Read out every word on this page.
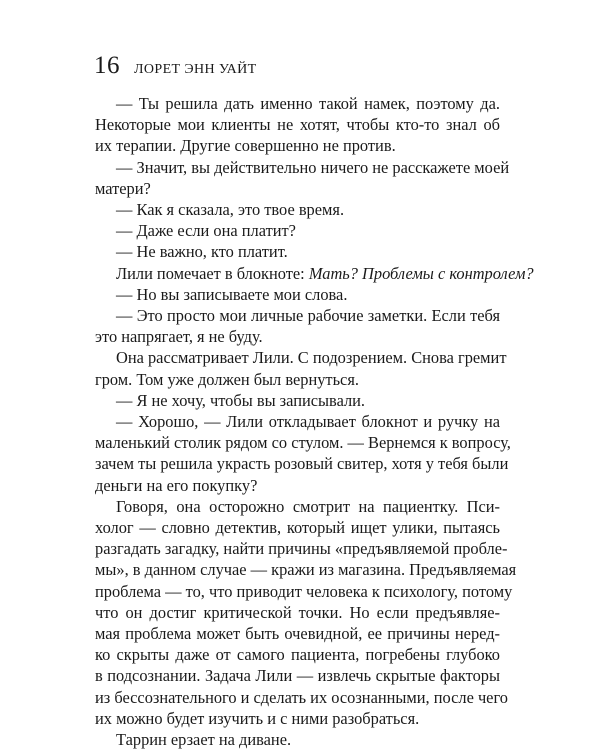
16 ЛОРЕТ ЭНН УАЙТ
— Ты решила дать именно такой намек, поэтому да.
Некоторые мои клиенты не хотят, чтобы кто-то знал об
их терапии. Другие совершенно не против.
— Значит, вы действительно ничего не расскажете моей
матери?
— Как я сказала, это твое время.
— Даже если она платит?
— Не важно, кто платит.
Лили помечает в блокноте: Мать? Проблемы с контролем?
— Но вы записываете мои слова.
— Это просто мои личные рабочие заметки. Если тебя
это напрягает, я не буду.
Она рассматривает Лили. С подозрением. Снова гремит
гром. Том уже должен был вернуться.
— Я не хочу, чтобы вы записывали.
— Хорошо, — Лили откладывает блокнот и ручку на
маленький столик рядом со стулом. — Вернемся к вопросу,
зачем ты решила украсть розовый свитер, хотя у тебя были
деньги на его покупку?
Говоря, она осторожно смотрит на пациентку. Пси-
холог — словно детектив, который ищет улики, пытаясь
разгадать загадку, найти причины «предъявляемой пробле-
мы», в данном случае — кражи из магазина. Предъявляемая
проблема — то, что приводит человека к психологу, потому
что он достиг критической точки. Но если предъявляе-
мая проблема может быть очевидной, ее причины неред-
ко скрыты даже от самого пациента, погребены глубоко
в подсознании. Задача Лили — извлечь скрытые факторы
из бессознательного и сделать их осознанными, после чего
их можно будет изучить и с ними разобраться.
Таррин ерзает на диване.
